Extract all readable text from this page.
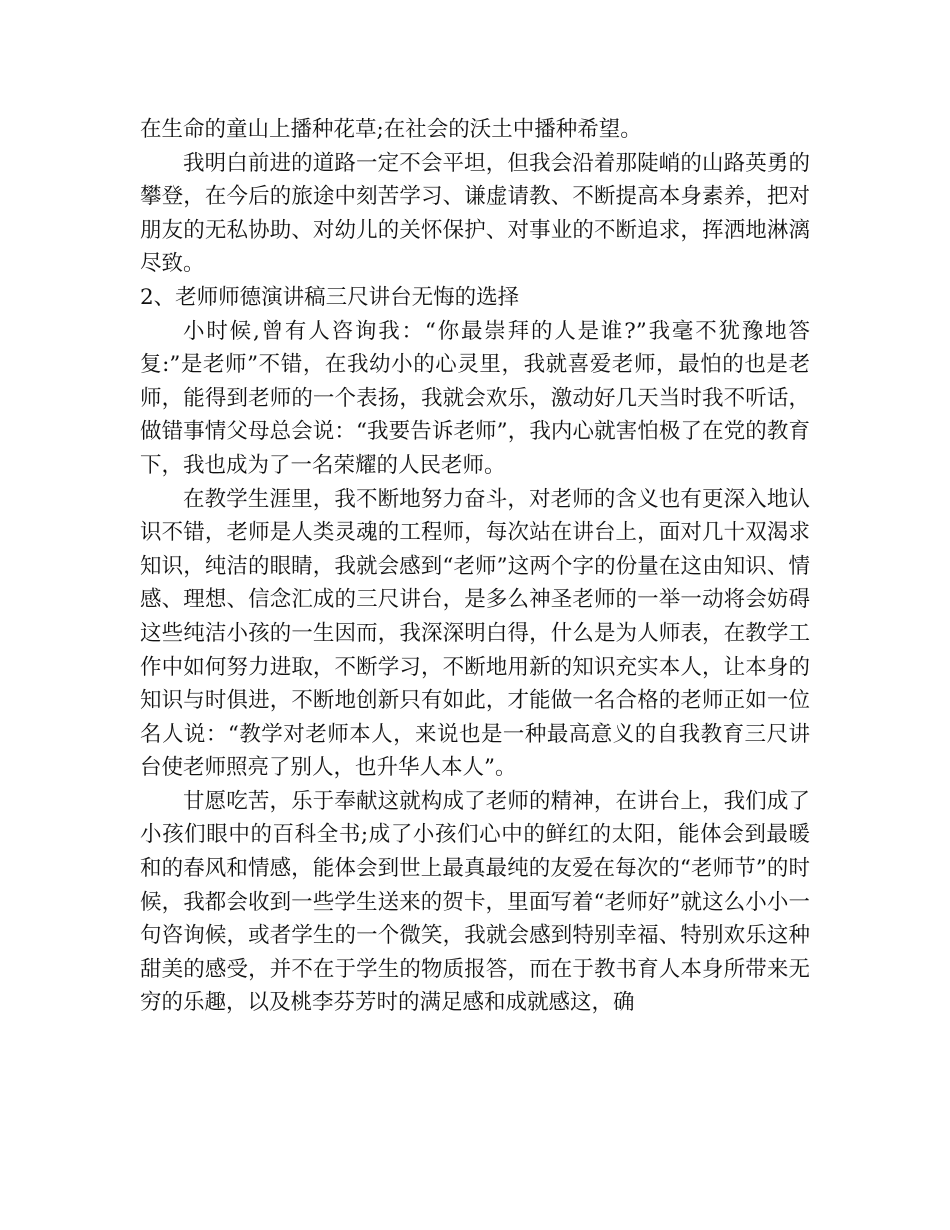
在生命的童山上播种花草;在社会的沃土中播种希望。

我明白前进的道路一定不会平坦，但我会沿着那陡峭的山路英勇的攀登，在今后的旅途中刻苦学习、谦虚请教、不断提高本身素养，把对朋友的无私协助、对幼儿的关怀保护、对事业的不断追求，挥洒地淋漓尽致。

2、老师师德演讲稿三尺讲台无悔的选择

小时候,曾有人咨询我：“你最崇拜的人是谁?”我毫不犹豫地答复:”是老师”不错，在我幼小的心灵里，我就喜爱老师，最怕的也是老师，能得到老师的一个表扬，我就会欢乐，激动好几天当时我不听话，做错事情父母总会说：“我要告诉老师”，我内心就害怕极了在党的教育下，我也成为了一名荣耀的人民老师。

在教学生涯里，我不断地努力奋斗，对老师的含义也有更深入地认识不错，老师是人类灵魂的工程师，每次站在讲台上，面对几十双渴求知识，纯洁的眼睛，我就会感到“老师”这两个字的份量在这由知识、情感、理想、信念汇成的三尺讲台，是多么神圣老师的一举一动将会妨碍这些纯洁小孩的一生因而，我深深明白得，什么是为人师表，在教学工作中如何努力进取，不断学习，不断地用新的知识充实本人，让本身的知识与时俱进，不断地创新只有如此，才能做一名合格的老师正如一位名人说：“教学对老师本人，来说也是一种最高意义的自我教育三尺讲台使老师照亮了别人，也升华人本人”。

甘愿吃苦，乐于奉献这就构成了老师的精神，在讲台上，我们成了小孩们眼中的百科全书;成了小孩们心中的鲜红的太阳，能体会到最暖和的春风和情感，能体会到世上最真最纯的友爱在每次的“老师节”的时候，我都会收到一些学生送来的贺卡，里面写着“老师好”就这么小小一句咨询候，或者学生的一个微笑，我就会感到特别幸福、特别欢乐这种甜美的感受，并不在于学生的物质报答，而在于教书育人本身所带来无穷的乐趣，以及桃李芬芳时的满足感和成就感这，确
